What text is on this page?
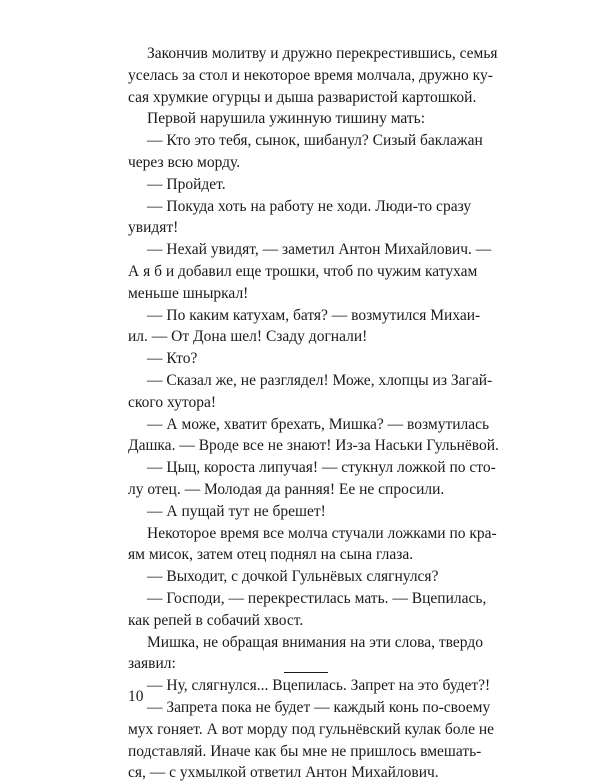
Закончив молитву и дружно перекрестившись, семья
уселась за стол и некоторое время молчала, дружно ку-
сая хрумкие огурцы и дыша разваристой картошкой.
Первой нарушила ужинную тишину мать:
— Кто это тебя, сынок, шибанул? Сизый баклажан
через всю морду.
— Пройдет.
— Покуда хоть на работу не ходи. Люди-то сразу
увидят!
— Нехай увидят, — заметил Антон Михайлович. —
А я б и добавил еще трошки, чтоб по чужим катухам
меньше шныркал!
— По каким катухам, батя? — возмутился Михаи-
ил. — От Дона шел! Сзаду догнали!
— Кто?
— Сказал же, не разглядел! Може, хлопцы из Загай-
ского хутора!
— А може, хватит брехать, Мишка? — возмутилась
Дашка. — Вроде все не знают! Из-за Наськи Гульнёвой.
— Цыц, короста липучая! — стукнул ложкой по сто-
лу отец. — Молодая да ранняя! Ее не спросили.
— А пущай тут не брешет!
Некоторое время все молча стучали ложками по кра-
ям мисок, затем отец поднял на сына глаза.
— Выходит, с дочкой Гульнёвых слягнулся?
— Господи, — перекрестилась мать. — Вцепилась,
как репей в собачий хвост.
Мишка, не обращая внимания на эти слова, твердо
заявил:
— Ну, слягнулся... Вцепилась. Запрет на это будет?!
— Запрета пока не будет — каждый конь по-своему
мух гоняет. А вот морду под гульнёвский кулак боле не
подставляй. Иначе как бы мне не пришлось вмешать-
ся, — с ухмылкой ответил Антон Михайлович.
10
